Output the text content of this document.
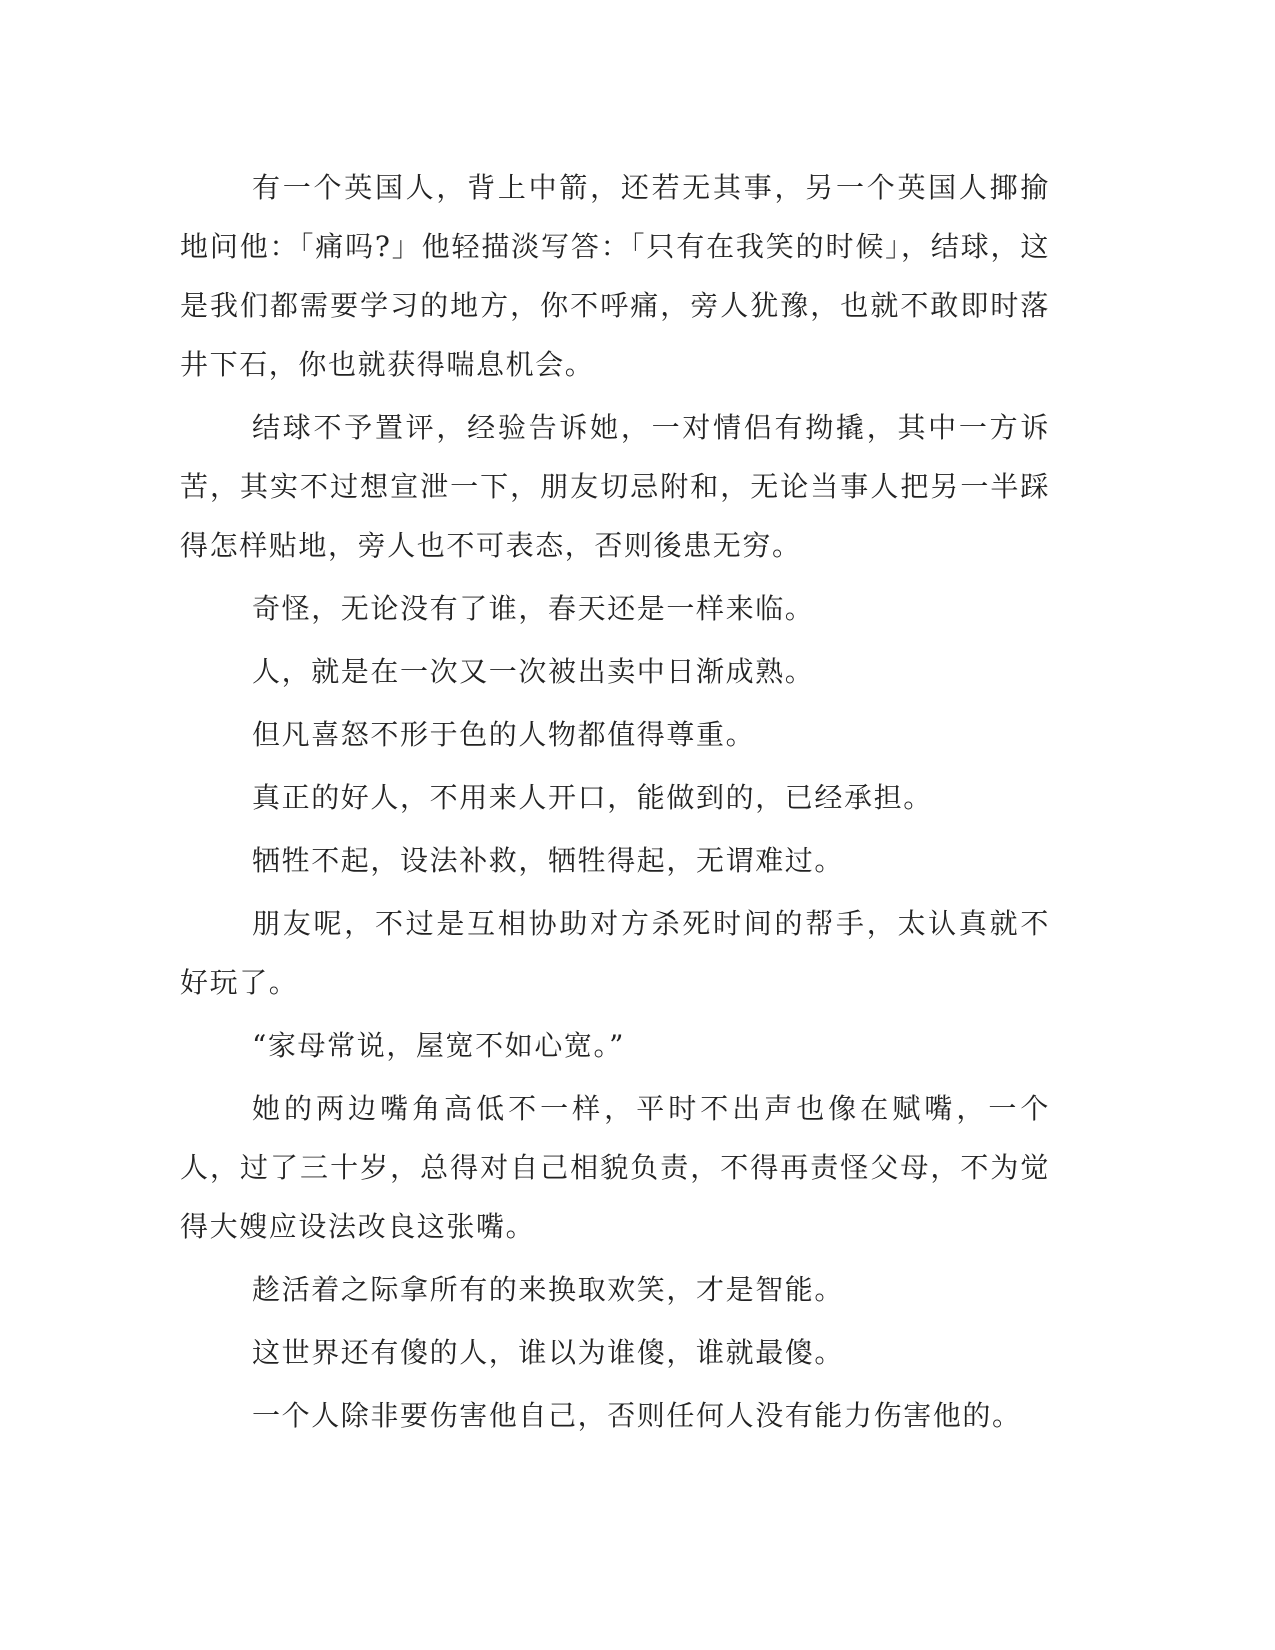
有一个英国人，背上中箭，还若无其事，另一个英国人揶揄地问他：「痛吗?」他轻描淡写答：「只有在我笑的时候」，结球，这是我们都需要学习的地方，你不呼痛，旁人犹豫，也就不敢即时落井下石，你也就获得喘息机会。

结球不予置评，经验告诉她，一对情侣有拗撬，其中一方诉苦，其实不过想宣泄一下，朋友切忌附和，无论当事人把另一半踩得怎样贴地，旁人也不可表态，否则後患无穷。

奇怪，无论没有了谁，春天还是一样来临。

人，就是在一次又一次被出卖中日渐成熟。

但凡喜怒不形于色的人物都值得尊重。

真正的好人，不用来人开口，能做到的，已经承担。

牺牲不起，设法补救，牺牲得起，无谓难过。

朋友呢，不过是互相协助对方杀死时间的帮手，太认真就不好玩了。

“家母常说，屋宽不如心宽。”

她的两边嘴角高低不一样，平时不出声也像在赋嘴，一个人，过了三十岁，总得对自己相貌负责，不得再责怪父母，不为觉得大嫂应设法改良这张嘴。

趁活着之际拿所有的来换取欢笑，才是智能。

这世界还有傻的人，谁以为谁傻，谁就最傻。

一个人除非要伤害他自己，否则任何人没有能力伤害他的。
